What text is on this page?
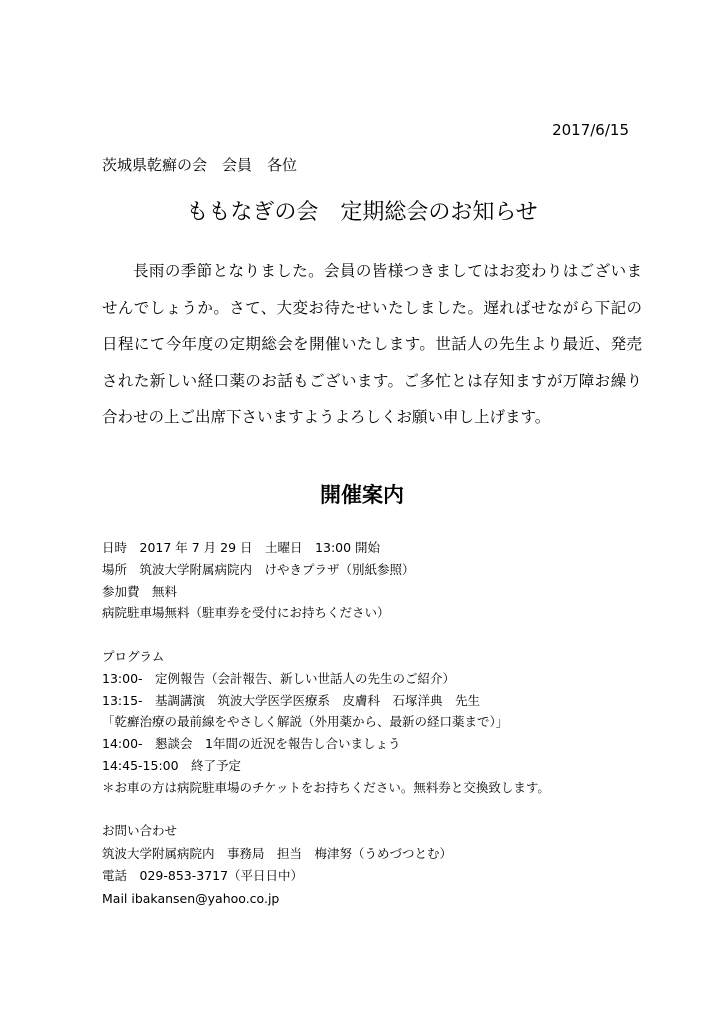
2017/6/15
茨城県乾癬の会　会員　各位
ももなぎの会　定期総会のお知らせ

長雨の季節となりました。会員の皆様つきましてはお変わりはございませんでしょうか。さて、大変お待たせいたしました。遅ればせながら下記の日程にて今年度の定期総会を開催いたします。世話人の先生より最近、発売された新しい経口薬のお話もございます。ご多忙とは存知ますが万障お繰り合わせの上ご出席下さいますようよろしくお願い申し上げます。

開催案内
日時　2017 年 7 月 29 日　土曜日　13:00 開始
場所　筑波大学附属病院内　けやきプラザ（別紙参照）
参加費　無料
病院駐車場無料（駐車券を受付にお持ちください）
プログラム
13:00-　定例報告（会計報告、新しい世話人の先生のご紹介）
13:15-　基調講演　筑波大学医学医療系　皮膚科　石塚洋典　先生
「乾癬治療の最前線をやさしく解説（外用薬から、最新の経口薬まで）」
14:00-　懇談会　1年間の近況を報告し合いましょう
14:45-15:00　終了予定
＊お車の方は病院駐車場のチケットをお持ちください。無料券と交換致します。
お問い合わせ
筑波大学附属病院内　事務局　担当　梅津努（うめづつとむ）
電話　029-853-3717（平日日中）
Mail ibakansen@yahoo.co.jp
